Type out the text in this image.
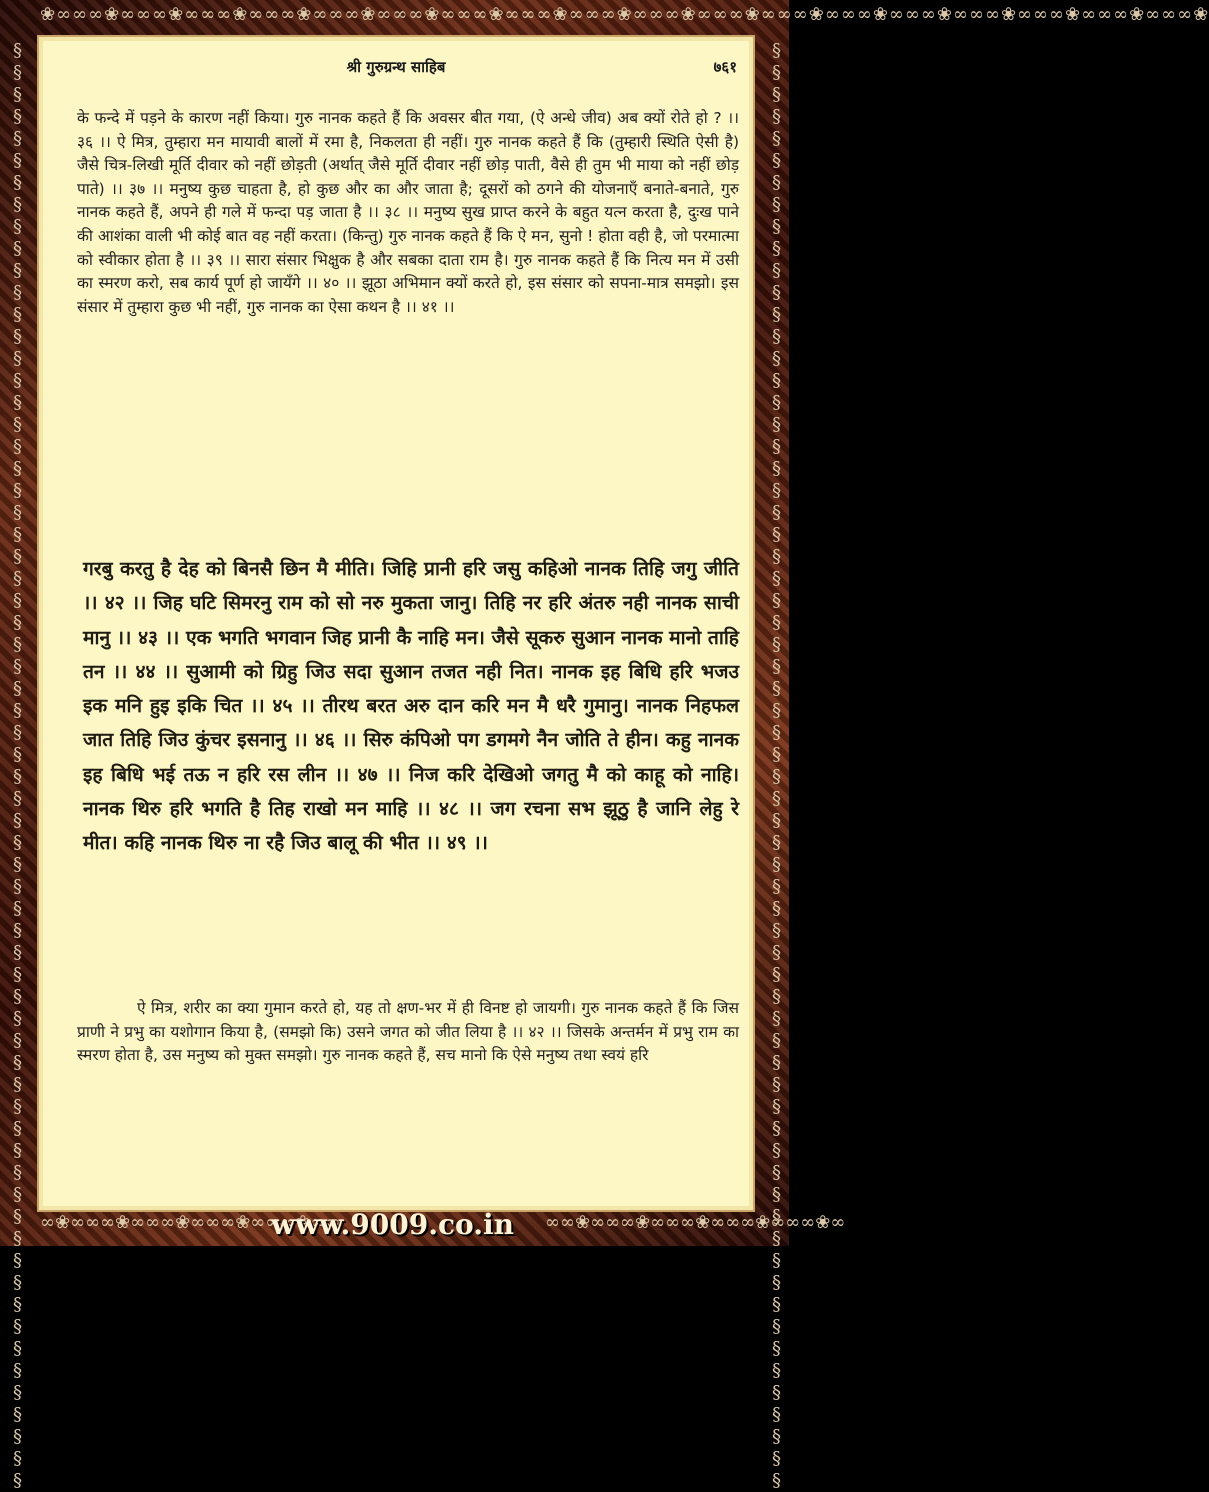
❀∞∞∞❀∞∞∞❀∞∞∞❀∞∞∞❀∞∞∞❀∞∞∞❀∞∞∞❀∞∞∞❀∞∞∞❀∞∞∞❀∞∞∞❀∞∞∞❀∞∞∞❀∞∞∞❀∞∞∞❀∞∞∞❀∞∞∞❀∞∞∞❀
§§§§§§§§§§§§§§§§§§§§§§§§§§§§§§§§§§§§§§§§§§§§§§§§§§§§§§§§§§§§§§§§§§	§§§§§§§§§§§§§§§§§§§§§§§§§§§§§§§§§§§§§§§§§§§§§§§§§§§§§§§§§§§§§§§§§§
श्री गुरुग्रन्थ साहिब	७६१
के फन्दे में पड़ने के कारण नहीं किया। गुरु नानक कहते हैं कि अवसर बीत गया, (ऐ अन्धे जीव) अब क्यों रोते हो ? ।। ३६ ।। ऐ मित्र, तुम्हारा मन मायावी बालों में रमा है, निकलता ही नहीं। गुरु नानक कहते हैं कि (तुम्हारी स्थिति ऐसी है) जैसे चित्र-लिखी मूर्ति दीवार को नहीं छोड़ती (अर्थात् जैसे मूर्ति दीवार नहीं छोड़ पाती, वैसे ही तुम भी माया को नहीं छोड़ पाते) ।। ३७ ।। मनुष्य कुछ चाहता है, हो कुछ और का और जाता है; दूसरों को ठगने की योजनाएँ बनाते-बनाते, गुरु नानक कहते हैं, अपने ही गले में फन्दा पड़ जाता है ।। ३८ ।। मनुष्य सुख प्राप्त करने के बहुत यत्न करता है, दुःख पाने की आशंका वाली भी कोई बात वह नहीं करता। (किन्तु) गुरु नानक कहते हैं कि ऐ मन, सुनो ! होता वही है, जो परमात्मा को स्वीकार होता है ।। ३९ ।। सारा संसार भिक्षुक है और सबका दाता राम है। गुरु नानक कहते हैं कि नित्य मन में उसी का स्मरण करो, सब कार्य पूर्ण हो जायँगे ।। ४० ।। झूठा अभिमान क्यों करते हो, इस संसार को सपना-मात्र समझो। इस संसार में तुम्हारा कुछ भी नहीं, गुरु नानक का ऐसा कथन है ।। ४१ ।।
गरबु करतु है देह को बिनसै छिन मै मीति। जिहि प्रानी हरि जसु कहिओ नानक तिहि जगु जीति ।। ४२ ।। जिह घटि सिमरनु राम को सो नरु मुकता जानु। तिहि नर हरि अंतरु नही नानक साची मानु ।। ४३ ।। एक भगति भगवान जिह प्रानी कै नाहि मन। जैसे सूकरु सुआन नानक मानो ताहि तन ।। ४४ ।। सुआमी को ग्रिहु जिउ सदा सुआन तजत नही नित। नानक इह बिधि हरि भजउ इक मनि हुइ इकि चित ।। ४५ ।। तीरथ बरत अरु दान करि मन मै धरै गुमानु। नानक निहफल जात तिहि जिउ कुंचर इसनानु ।। ४६ ।। सिरु कंपिओ पग डगमगे नैन जोति ते हीन। कहु नानक इह बिधि भई तऊ न हरि रस लीन ।। ४७ ।। निज करि देखिओ जगतु मै को काहू को नाहि। नानक थिरु हरि भगति है तिह राखो मन माहि ।। ४८ ।। जग रचना सभ झूठु है जानि लेहु रे मीत। कहि नानक थिरु ना रहै जिउ बालू की भीत ।। ४९ ।।
ऐ मित्र, शरीर का क्या गुमान करते हो, यह तो क्षण-भर में ही विनष्ट हो जायगी। गुरु नानक कहते हैं कि जिस प्राणी ने प्रभु का यशोगान किया है, (समझो कि) उसने जगत को जीत लिया है ।। ४२ ।। जिसके अन्तर्मन में प्रभु राम का स्मरण होता है, उस मनुष्य को मुक्त समझो। गुरु नानक कहते हैं, सच मानो कि ऐसे मनुष्य तथा स्वयं हरि
∞❀∞∞∞❀∞∞∞❀∞∞∞❀∞∞∞❀∞∞
www.9009.co.in	∞∞❀∞∞∞❀∞∞∞❀∞∞∞❀∞∞∞❀∞
